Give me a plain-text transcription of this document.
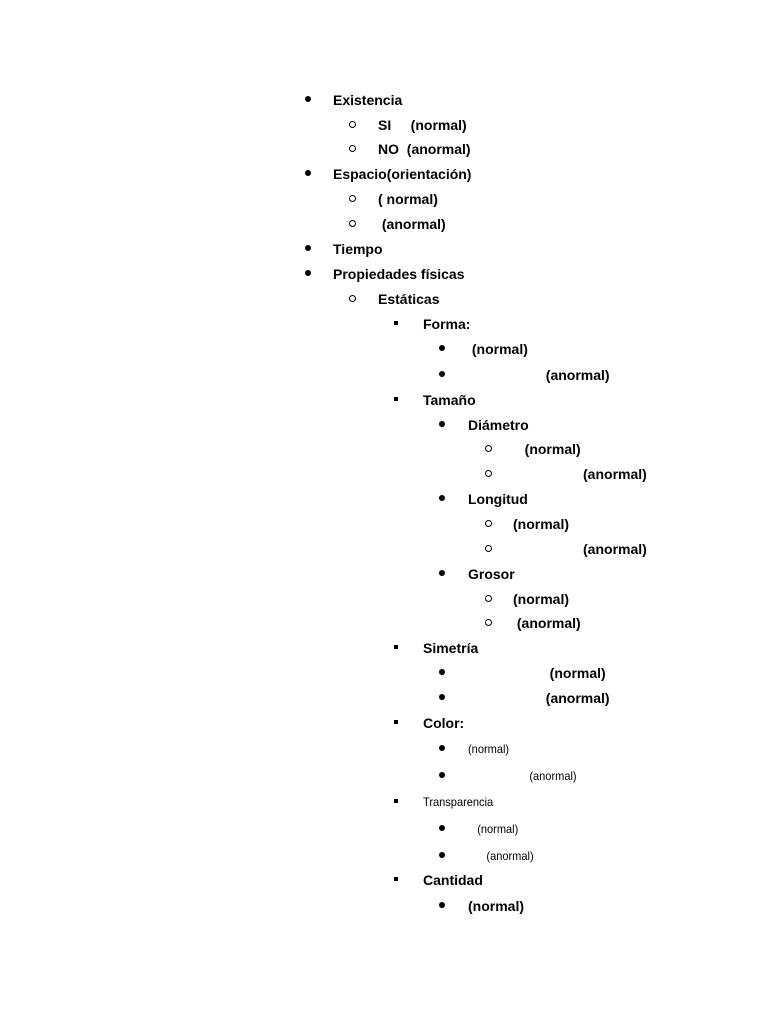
Existencia
SI     (normal)
NO  (anormal)
Espacio(orientación)
( normal)
(anormal)
Tiempo
Propiedades físicas
Estáticas
Forma:
(normal)
(anormal)
Tamaño
Diámetro
(normal)
(anormal)
Longitud
(normal)
(anormal)
Grosor
(normal)
(anormal)
Simetría
(normal)
(anormal)
Color:
(normal)
(anormal)
Transparencia
(normal)
(anormal)
Cantidad
(normal)
